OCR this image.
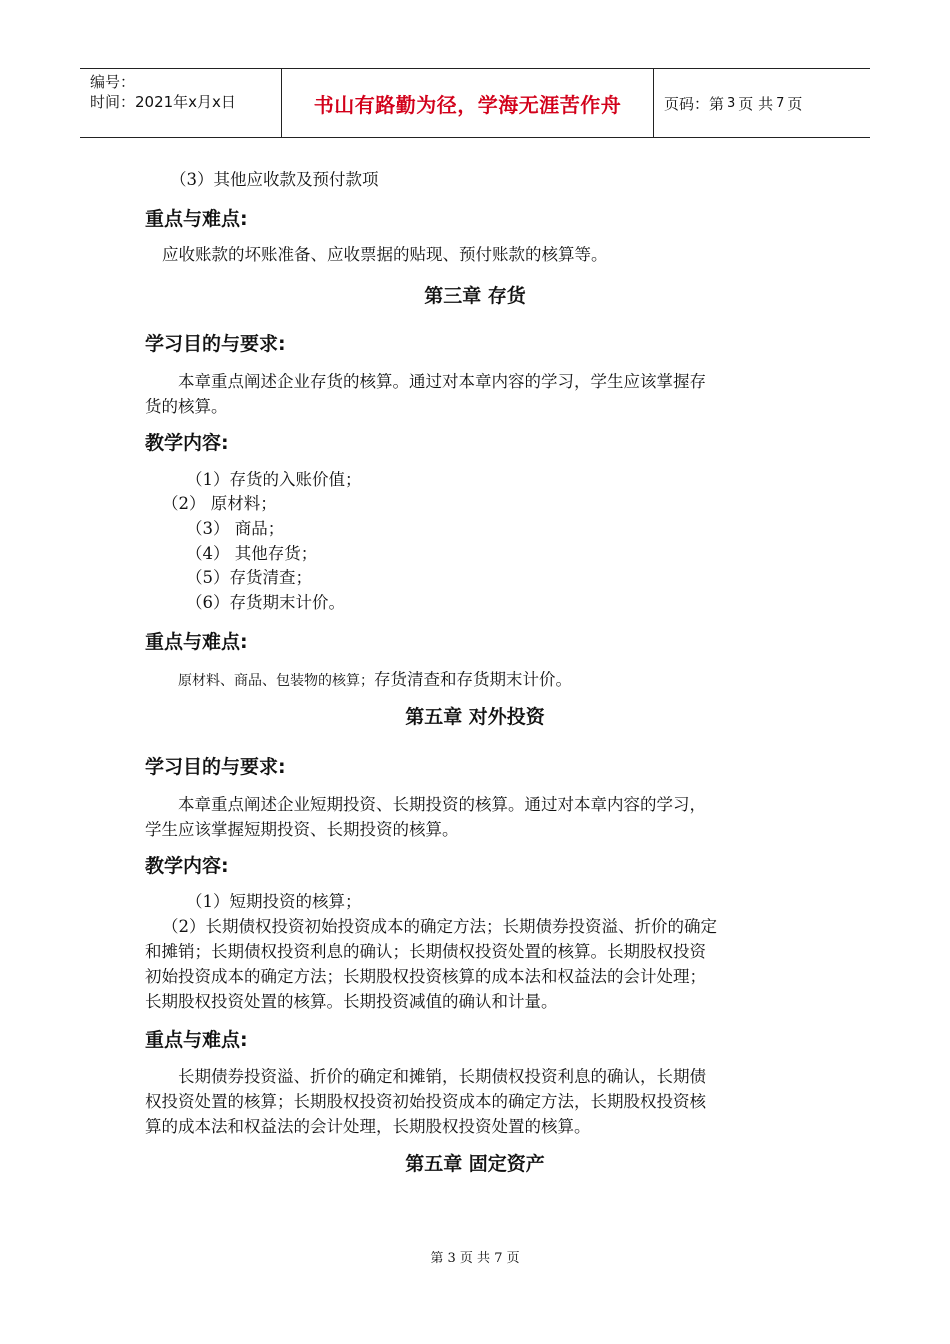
编号：
时间：2021年x月x日	书山有路勤为径，学海无涯苦作舟	页码：第 3 页 共 7 页
（3）其他应收款及预付款项
重点与难点:
应收账款的坏账准备、应收票据的贴现、预付账款的核算等。
第三章 存货
学习目的与要求:
本章重点阐述企业存货的核算。通过对本章内容的学习，学生应该掌握存
货的核算。
教学内容:
（1）存货的入账价值；
（2） 原材料；
（3） 商品；
（4） 其他存货；
（5）存货清查；
（6）存货期末计价。
重点与难点:
原材料、商品、包装物的核算；存货清查和存货期末计价。
第五章 对外投资
学习目的与要求:
本章重点阐述企业短期投资、长期投资的核算。通过对本章内容的学习，
学生应该掌握短期投资、长期投资的核算。
教学内容:
（1）短期投资的核算；
（2）长期债权投资初始投资成本的确定方法；长期债券投资溢、折价的确定
和摊销；长期债权投资利息的确认；长期债权投资处置的核算。长期股权投资
初始投资成本的确定方法；长期股权投资核算的成本法和权益法的会计处理；
长期股权投资处置的核算。长期投资减值的确认和计量。
重点与难点:
长期债券投资溢、折价的确定和摊销，长期债权投资利息的确认，长期债
权投资处置的核算；长期股权投资初始投资成本的确定方法，长期股权投资核
算的成本法和权益法的会计处理，长期股权投资处置的核算。
第五章 固定资产
第 3 页 共 7 页
